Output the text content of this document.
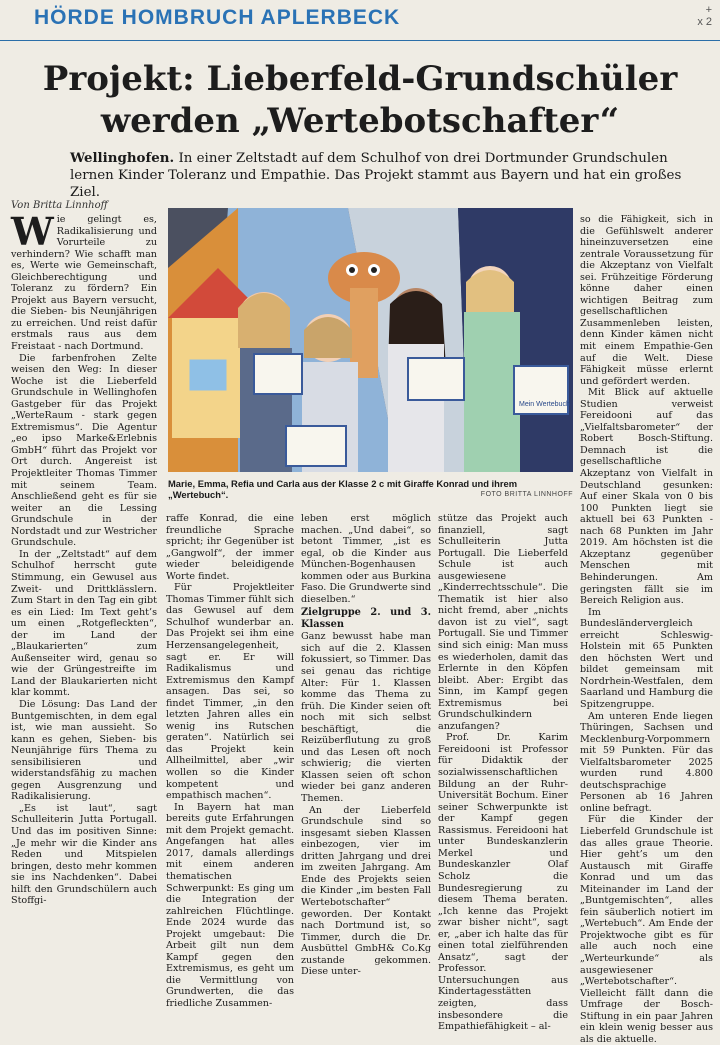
HÖRDE HOMBRUCH APLERBECK	+
x 2
Projekt: Lieberfeld-Grundschüler
werden „Wertebotschafter“
Wellinghofen. In einer Zeltstadt auf dem Schulhof von drei Dortmunder Grundschulen lernen Kinder Toleranz und Empathie. Das Projekt stammt aus Bayern und hat ein großes Ziel.
Von Britta Linnhoff
Mein Wertebuch
Marie, Emma, Refia und Carla aus der Klasse 2 c mit Giraffe Konrad und ihrem „Wertebuch“.	FOTO BRITTA LINNHOFF

Wie gelingt es, Radikalisierung und Vorurteile zu verhindern? Wie schafft man es, Werte wie Gemeinschaft, Gleichberechtigung und Toleranz zu fördern? Ein Projekt aus Bayern versucht, die Sieben- bis Neunjährigen zu erreichen. Und reist dafür erstmals raus aus dem Freistaat - nach Dortmund.

Die farbenfrohen Zelte weisen den Weg: In dieser Woche ist die Lieberfeld Grundschule in Wellinghofen Gastgeber für das Projekt „WerteRaum - stark gegen Extremismus“. Die Agentur „eo ipso Marke&Erlebnis GmbH“ führt das Projekt vor Ort durch. Angereist ist Projektleiter Thomas Timmer mit seinem Team. Anschließend geht es für sie weiter an die Lessing Grundschule in der Nordstadt und zur Westricher Grundschule.

In der „Zeltstadt“ auf dem Schulhof herrscht gute Stimmung, ein Gewusel aus Zweit- und Drittklässlern. Zum Start in den Tag ein gibt es ein Lied: Im Text geht’s um einen „Rotgefleckten“, der im Land der „Blaukarierten“ zum Außenseiter wird, genau so wie der Grüngestreifte im Land der Blaukarierten nicht klar kommt.

Die Lösung: Das Land der Buntgemischten, in dem egal ist, wie man aussieht. So kann es gehen, Sieben- bis Neunjährige fürs Thema zu sensibilisieren und widerstandsfähig zu machen gegen Ausgrenzung und Radikalisierung.

„Es ist laut“, sagt Schulleiterin Jutta Portugall. Und das im positiven Sinne: „Je mehr wir die Kinder ans Reden und Mitspielen bringen, desto mehr kommen sie ins Nachdenken“. Dabei hilft den Grundschülern auch Stoffgi-

raffe Konrad, die eine freundliche Sprache spricht; ihr Gegenüber ist „Gangwolf“, der immer wieder beleidigende Worte findet.

Für Projektleiter Thomas Timmer fühlt sich das Gewusel auf dem Schulhof wunderbar an. Das Projekt sei ihm eine Herzensangelegenheit, sagt er. Er will Radikalismus und Extremismus den Kampf ansagen. Das sei, so findet Timmer, „in den letzten Jahren alles ein wenig ins Rutschen geraten“. Natürlich sei das Projekt kein Allheilmittel, aber „wir wollen so die Kinder kompetent und empathisch machen“.

In Bayern hat man bereits gute Erfahrungen mit dem Projekt gemacht. Angefangen hat alles 2017, damals allerdings mit einem anderen thematischen Schwerpunkt: Es ging um die Integration der zahlreichen Flüchtlinge. Ende 2024 wurde das Projekt umgebaut: Die Arbeit gilt nun dem Kampf gegen den Extremismus, es geht um die Vermittlung von Grundwerten, die das friedliche Zusammen-

leben erst möglich machen. „Und dabei“, so betont Timmer, „ist es egal, ob die Kinder aus München-Bogenhausen kommen oder aus Burkina Faso. Die Grundwerte sind dieselben.“

Zielgruppe 2. und 3. Klassen

Ganz bewusst habe man sich auf die 2. Klassen fokussiert, so Timmer. Das sei genau das richtige Alter: Für 1. Klassen komme das Thema zu früh. Die Kinder seien oft noch mit sich selbst beschäftigt, die Reizüberflutung zu groß und das Lesen oft noch schwierig; die vierten Klassen seien oft schon wieder bei ganz anderen Themen.

An der Lieberfeld Grundschule sind so insgesamt sieben Klassen einbezogen, vier im dritten Jahrgang und drei im zweiten Jahrgang. Am Ende des Projekts seien die Kinder „im besten Fall Wertebotschafter“ geworden. Der Kontakt nach Dortmund ist, so Timmer, durch die Dr. Ausbüttel GmbH& Co.Kg zustande gekommen. Diese unter-

stütze das Projekt auch finanziell, sagt Schulleiterin Jutta Portugall. Die Lieberfeld Schule ist auch ausgewiesene „Kinderrechtsschule“. Die Thematik ist hier also nicht fremd, aber „nichts davon ist zu viel“, sagt Portugall. Sie und Timmer sind sich einig: Man muss es wiederholen, damit das Erlernte in den Köpfen bleibt. Aber: Ergibt das Sinn, im Kampf gegen Extremismus bei Grundschulkindern anzufangen?

Prof. Dr. Karim Fereidooni ist Professor für Didaktik der sozialwissenschaftlichen Bildung an der Ruhr-Universität Bochum. Einer seiner Schwerpunkte ist der Kampf gegen Rassismus. Fereidooni hat unter Bundeskanzlerin Merkel und Bundeskanzler Olaf Scholz die Bundesregierung zu diesem Thema beraten. „Ich kenne das Projekt zwar bisher nicht“, sagt er, „aber ich halte das für einen total zielführenden Ansatz“, sagt der Professor. Untersuchungen aus Kindertagesstätten zeigten, dass insbesondere die Empathiefähigkeit – al-

so die Fähigkeit, sich in die Gefühlswelt anderer hineinzuversetzen eine zentrale Voraussetzung für die Akzeptanz von Vielfalt sei. Frühzeitige Förderung könne daher einen wichtigen Beitrag zum gesellschaftlichen Zusammenleben leisten, denn Kinder kämen nicht mit einem Empathie-Gen auf die Welt. Diese Fähigkeit müsse erlernt und gefördert werden.

Mit Blick auf aktuelle Studien verweist Fereidooni auf das „Vielfaltsbarometer“ der Robert Bosch-Stiftung. Demnach ist die gesellschaftliche Akzeptanz von Vielfalt in Deutschland gesunken: Auf einer Skala von 0 bis 100 Punkten liegt sie aktuell bei 63 Punkten - nach 68 Punkten im Jahr 2019. Am höchsten ist die Akzeptanz gegenüber Menschen mit Behinderungen. Am geringsten fällt sie im Bereich Religion aus.

Im Bundesländervergleich erreicht Schleswig-Holstein mit 65 Punkten den höchsten Wert und bildet gemeinsam mit Nordrhein-Westfalen, dem Saarland und Hamburg die Spitzengruppe.

Am unteren Ende liegen Thüringen, Sachsen und Mecklenburg-Vorpommern mit 59 Punkten. Für das Vielfaltsbarometer 2025 wurden rund 4.800 deutschsprachige Personen ab 16 Jahren online befragt.

Für die Kinder der Lieberfeld Grundschule ist das alles graue Theorie. Hier geht’s um den Austausch mit Giraffe Konrad und um das Miteinander im Land der „Buntgemischten“, alles fein säuberlich notiert im „Wertebuch“. Am Ende der Projektwoche gibt es für alle auch noch eine „Werteurkunde“ als ausgewiesener „Wertebotschafter“. Vielleicht fällt dann die Umfrage der Bosch-Stiftung in ein paar Jahren ein klein wenig besser aus als die aktuelle.
